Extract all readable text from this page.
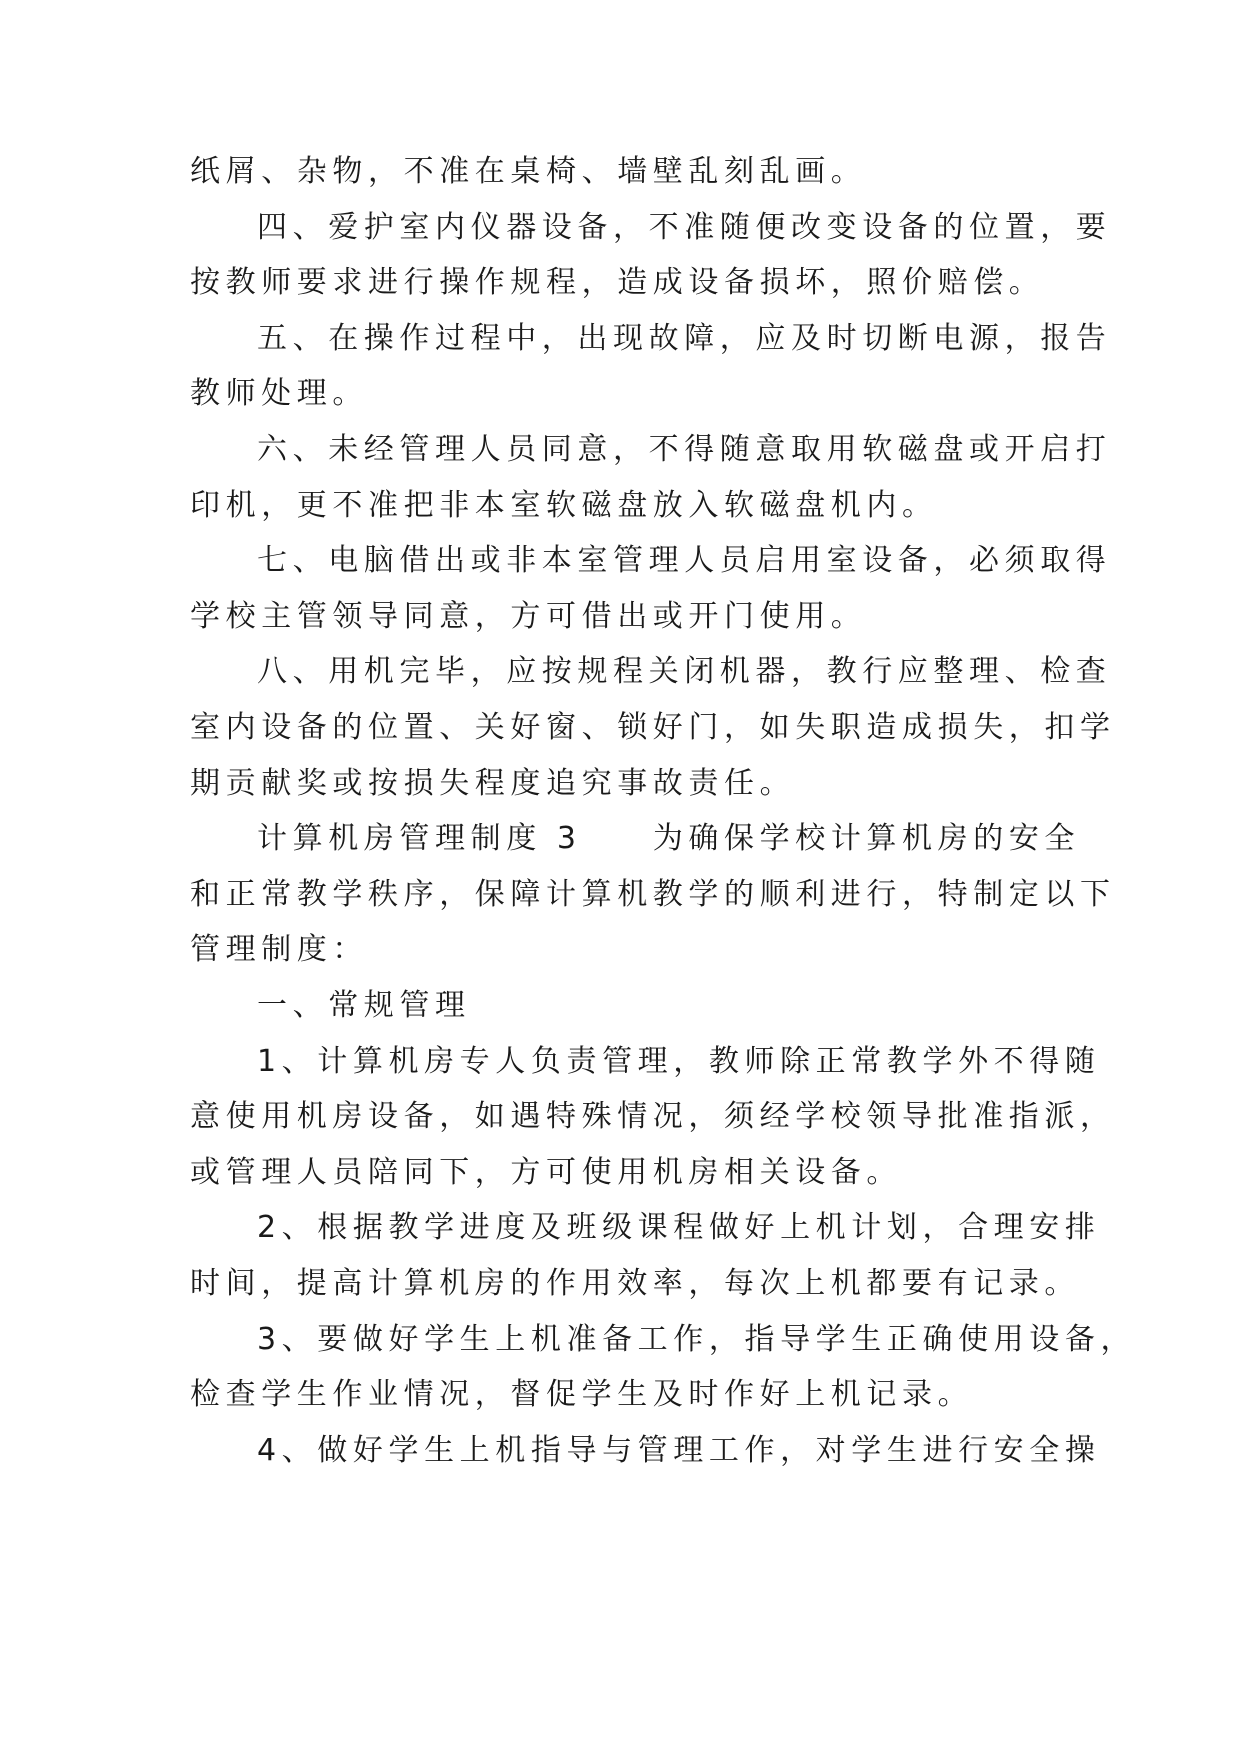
纸屑、杂物，不准在桌椅、墙壁乱刻乱画。
四、爱护室内仪器设备，不准随便改变设备的位置，要
按教师要求进行操作规程，造成设备损坏，照价赔偿。
五、在操作过程中，出现故障，应及时切断电源，报告
教师处理。
六、未经管理人员同意，不得随意取用软磁盘或开启打
印机，更不准把非本室软磁盘放入软磁盘机内。
七、电脑借出或非本室管理人员启用室设备，必须取得
学校主管领导同意，方可借出或开门使用。
八、用机完毕，应按规程关闭机器，教行应整理、检查
室内设备的位置、关好窗、锁好门，如失职造成损失，扣学
期贡献奖或按损失程度追究事故责任。
计算机房管理制度 3　　为确保学校计算机房的安全
和正常教学秩序，保障计算机教学的顺利进行，特制定以下
管理制度：
一、常规管理
1、计算机房专人负责管理，教师除正常教学外不得随
意使用机房设备，如遇特殊情况，须经学校领导批准指派，
或管理人员陪同下，方可使用机房相关设备。
2、根据教学进度及班级课程做好上机计划，合理安排
时间，提高计算机房的作用效率，每次上机都要有记录。
3、要做好学生上机准备工作，指导学生正确使用设备，
检查学生作业情况，督促学生及时作好上机记录。
4、做好学生上机指导与管理工作，对学生进行安全操
